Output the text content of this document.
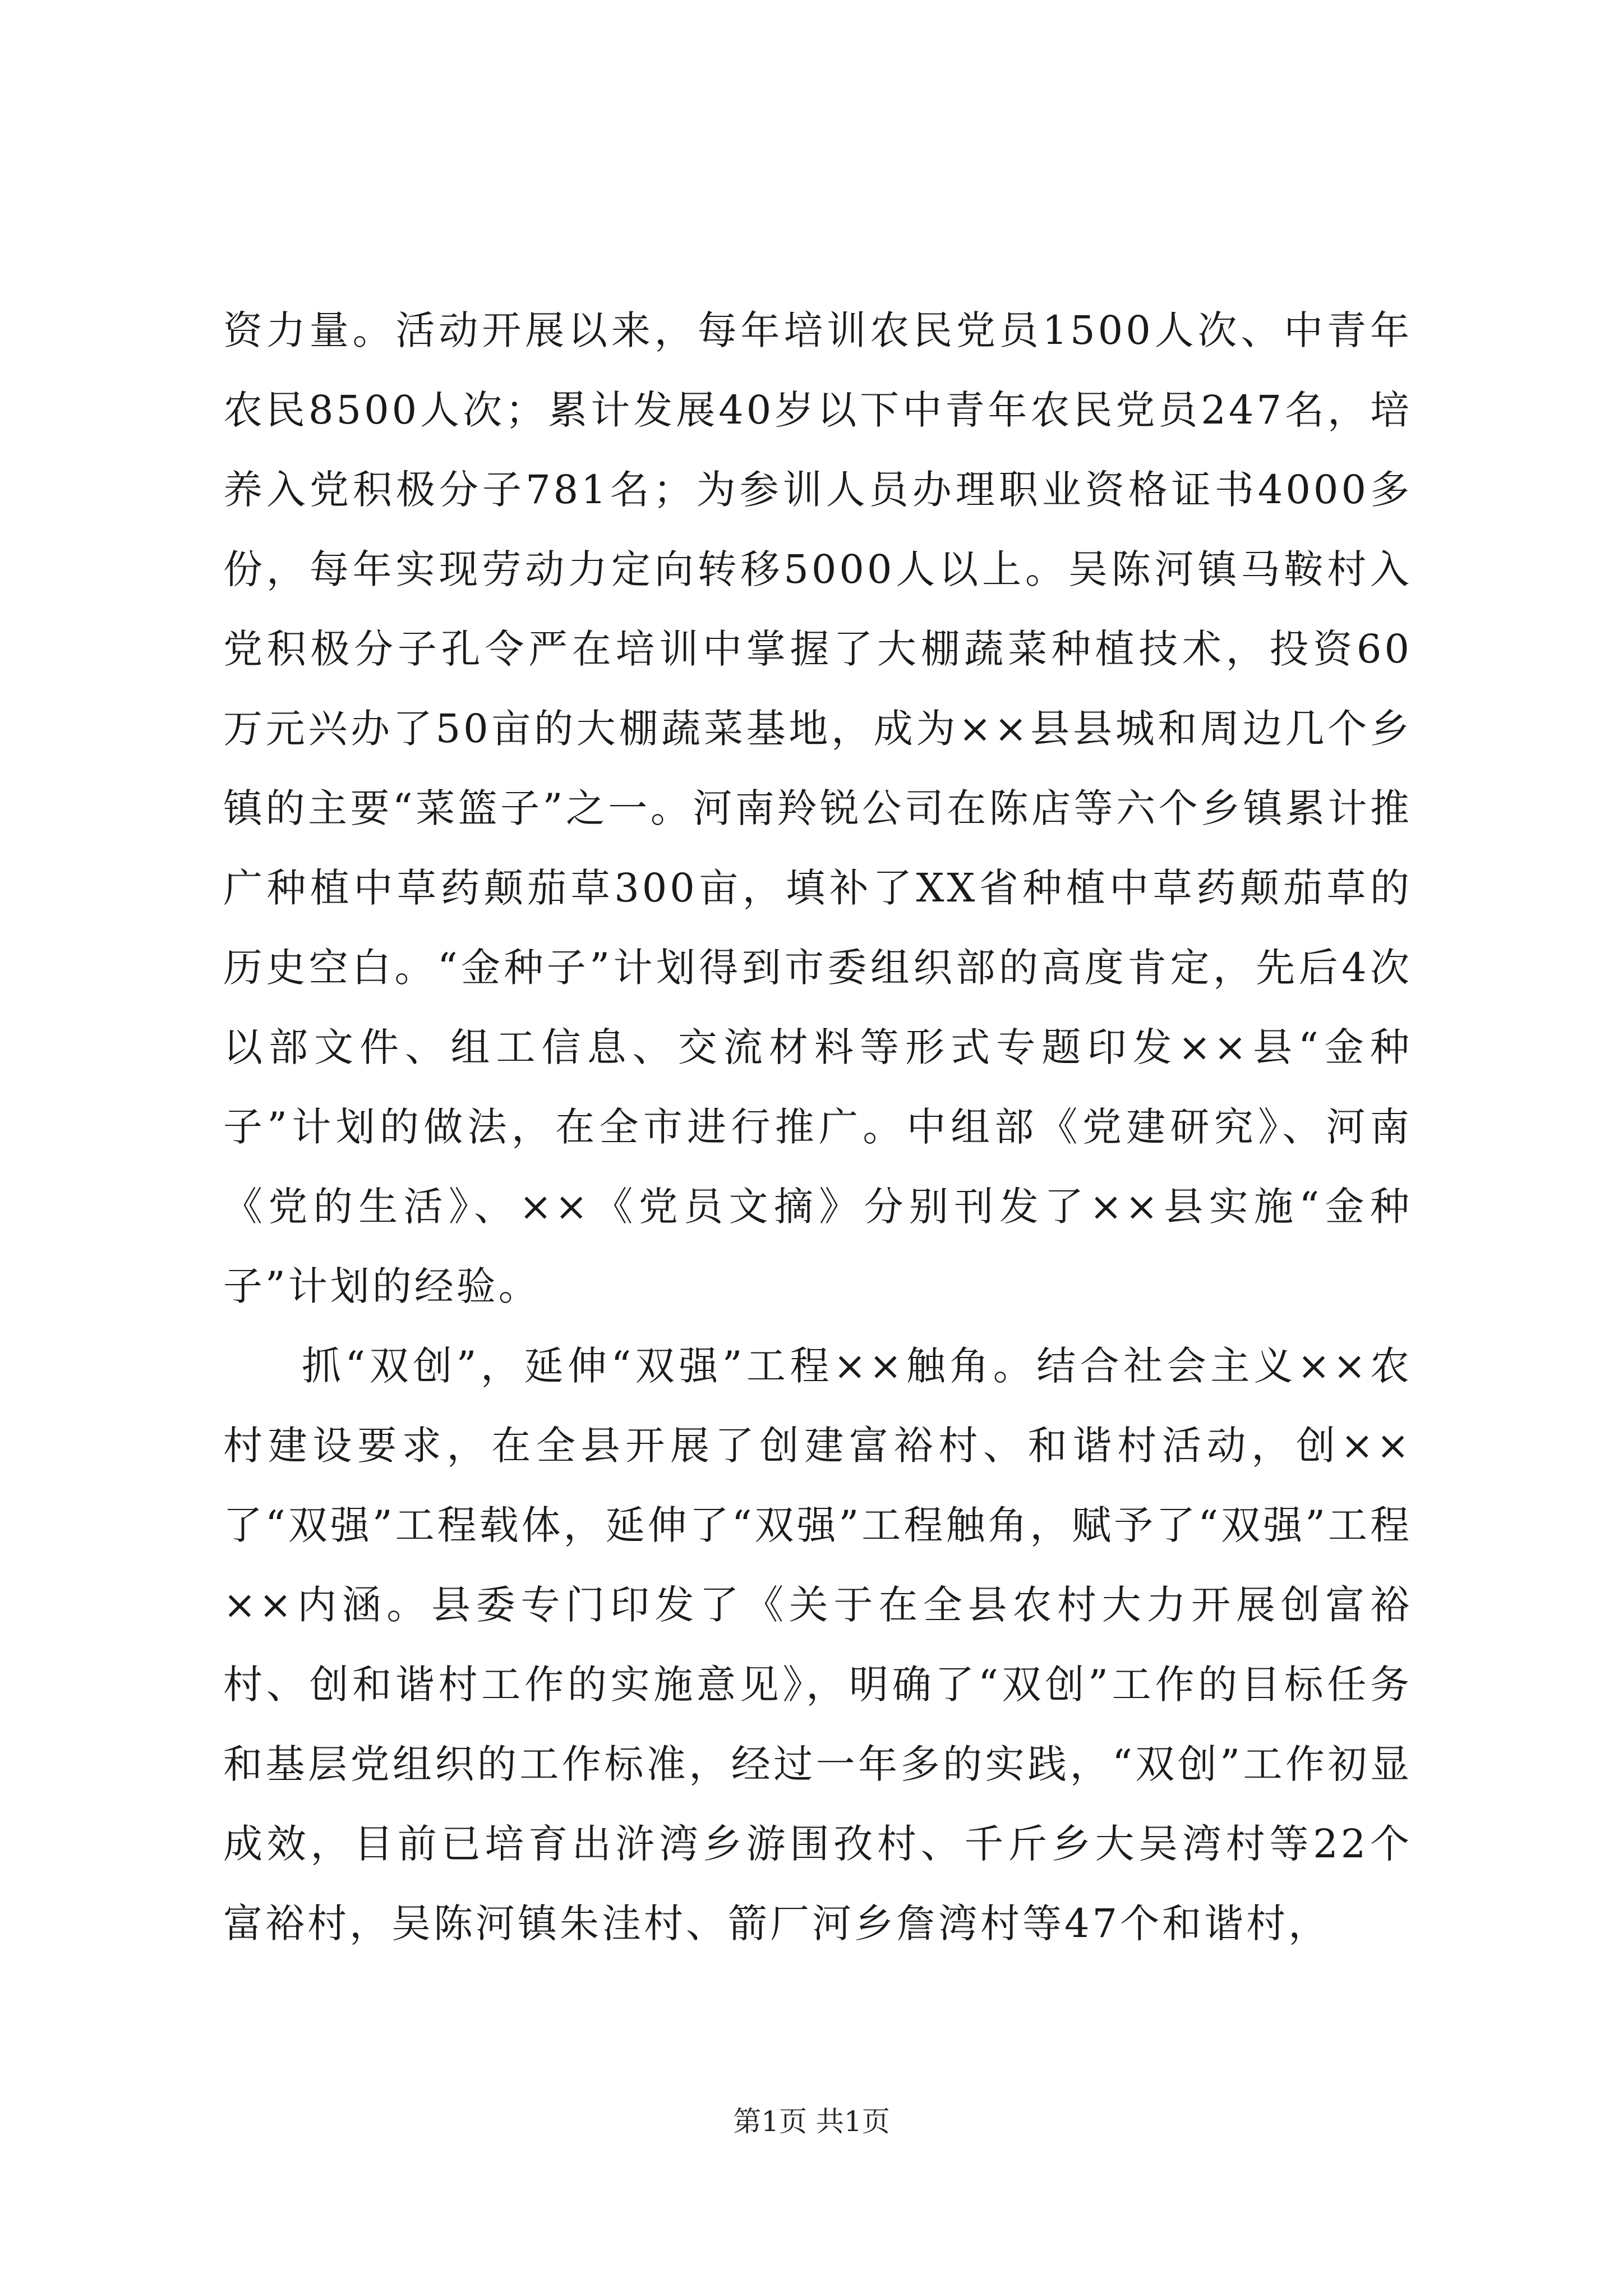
资力量。活动开展以来，每年培训农民党员1500人次、中青年农民8500人次；累计发展40岁以下中青年农民党员247名，培养入党积极分子781名；为参训人员办理职业资格证书4000多份，每年实现劳动力定向转移5000人以上。吴陈河镇马鞍村入党积极分子孔令严在培训中掌握了大棚蔬菜种植技术，投资60万元兴办了50亩的大棚蔬菜基地，成为××县县城和周边几个乡镇的主要“菜篮子”之一。河南羚锐公司在陈店等六个乡镇累计推广种植中草药颠茄草300亩，填补了XX省种植中草药颠茄草的历史空白。“金种子”计划得到市委组织部的高度肯定，先后4次以部文件、组工信息、交流材料等形式专题印发××县“金种子”计划的做法，在全市进行推广。中组部《党建研究》、河南《党的生活》、××《党员文摘》分别刊发了××县实施“金种子”计划的经验。

抓“双创”，延伸“双强”工程××触角。结合社会主义××农村建设要求，在全县开展了创建富裕村、和谐村活动，创××了“双强”工程载体，延伸了“双强”工程触角，赋予了“双强”工程××内涵。县委专门印发了《关于在全县农村大力开展创富裕村、创和谐村工作的实施意见》，明确了“双创”工作的目标任务和基层党组织的工作标准，经过一年多的实践，“双创”工作初显成效，目前已培育出浒湾乡游围孜村、千斤乡大吴湾村等22个富裕村，吴陈河镇朱洼村、箭厂河乡詹湾村等47个和谐村，

第1页 共1页
